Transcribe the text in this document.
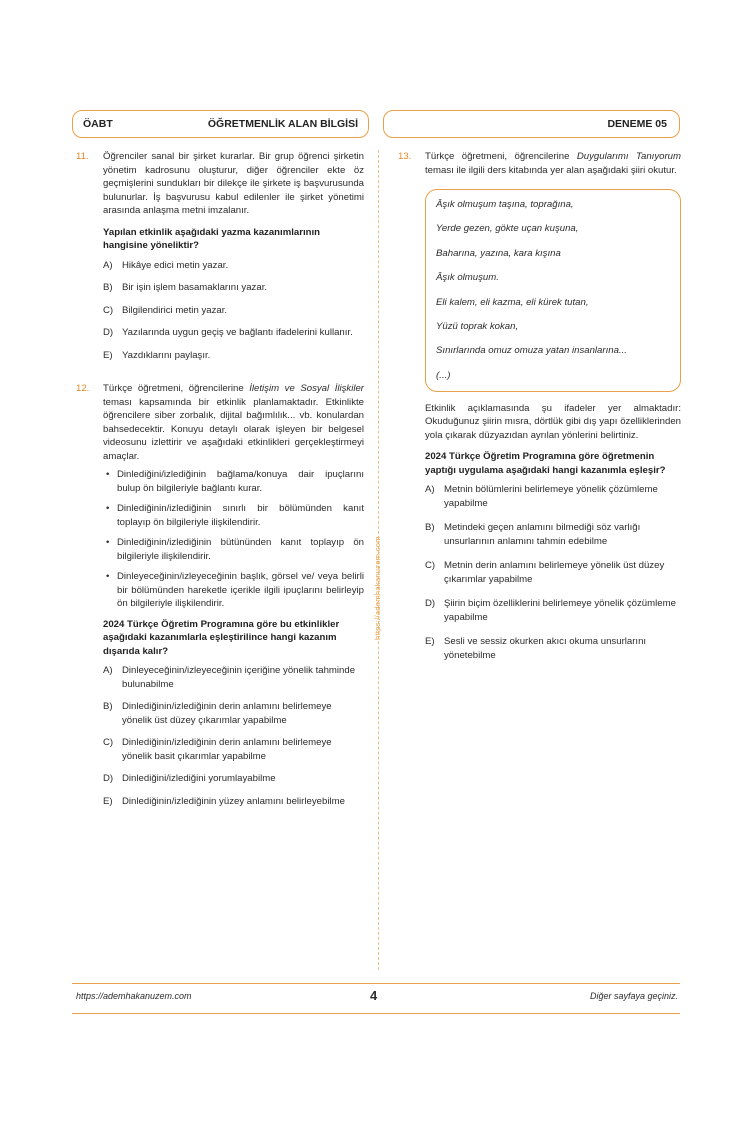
ÖABT	ÖĞRETMENLİK ALAN BİLGİSİ	DENEME 05
https://ademhakanuzem.com
11. Öğrenciler sanal bir şirket kurarlar. Bir grup öğrenci şirketin yönetim kadrosunu oluşturur, diğer öğrenciler ekte öz geçmişlerini sundukları bir dilekçe ile şirkete iş başvurusunda bulunurlar. İş başvurusu kabul edilenler ile şirket yönetimi arasında anlaşma metni imzalanır.

Yapılan etkinlik aşağıdaki yazma kazanımlarının hangisine yöneliktir?

A) Hikâye edici metin yazar.
B) Bir işin işlem basamaklarını yazar.
C) Bilgilendirici metin yazar.
D) Yazılarında uygun geçiş ve bağlantı ifadelerini kullanır.
E) Yazdıklarını paylaşır.
12. Türkçe öğretmeni, öğrencilerine İletişim ve Sosyal İlişkiler teması kapsamında bir etkinlik planlamaktadır. Etkinlikte öğrencilere siber zorbalık, dijital bağımlılık... vb. konulardan bahsedecektir. Konuyu detaylı olarak işleyen bir belgesel videosunu izlettirir ve aşağıdaki etkinlikleri gerçekleştirmeyi amaçlar.

• Dinlediğini/izlediğinin bağlama/konuya dair ipuçlarını bulup ön bilgileriyle bağlantı kurar.
• Dinlediğinin/izlediğinin sınırlı bir bölümünden kanıt toplayıp ön bilgileriyle ilişkilendirir.
• Dinlediğinin/izlediğinin bütününden kanıt toplayıp ön bilgileriyle ilişkilendirir.
• Dinleyeceğinin/izleyeceğinin başlık, görsel ve/ veya belirli bir bölümünden hareketle içerikle ilgili ipuçlarını belirleyip ön bilgileriyle ilişkilendirir.

2024 Türkçe Öğretim Programına göre bu etkinlikler aşağıdaki kazanımlarla eşleştirilince hangi kazanım dışarıda kalır?

A) Dinleyeceğinin/izleyeceğinin içeriğine yönelik tahminde bulunabilme
B) Dinlediğinin/izlediğinin derin anlamını belirlemeye yönelik üst düzey çıkarımlar yapabilme
C) Dinlediğinin/izlediğinin derin anlamını belirlemeye yönelik basit çıkarımlar yapabilme
D) Dinlediğini/izlediğini yorumlayabilme
E) Dinlediğinin/izlediğinin yüzey anlamını belirleyebilme
13. Türkçe öğretmeni, öğrencilerine Duygularımı Tanıyorum teması ile ilgili ders kitabında yer alan aşağıdaki şiiri okutur.

Âşık olmuşum taşına, toprağına,
Yerde gezen, gökte uçan kuşuna,
Baharına, yazına, kara kışına
Âşık olmuşum.
Eli kalem, eli kazma, eli kürek tutan,
Yüzü toprak kokan,
Sınırlarında omuz omuza yatan insanlarına...
(...)

Etkinlik açıklamasında şu ifadeler yer almaktadır: Okuduğunuz şiirin mısra, dörtlük gibi dış yapı özelliklerinden yola çıkarak düzyazıdan ayrılan yönlerini belirtiniz.

2024 Türkçe Öğretim Programına göre öğretmenin yaptığı uygulama aşağıdaki hangi kazanımla eşleşir?

A) Metnin bölümlerini belirlemeye yönelik çözümleme yapabilme
B) Metindeki geçen anlamını bilmediği söz varlığı unsurlarının anlamını tahmin edebilme
C) Metnin derin anlamını belirlemeye yönelik üst düzey çıkarımlar yapabilme
D) Şiirin biçim özelliklerini belirlemeye yönelik çözümleme yapabilme
E) Sesli ve sessiz okurken akıcı okuma unsurlarını yönetebilme
https://ademhakanuzem.com	4	Diğer sayfaya geçiniz.
